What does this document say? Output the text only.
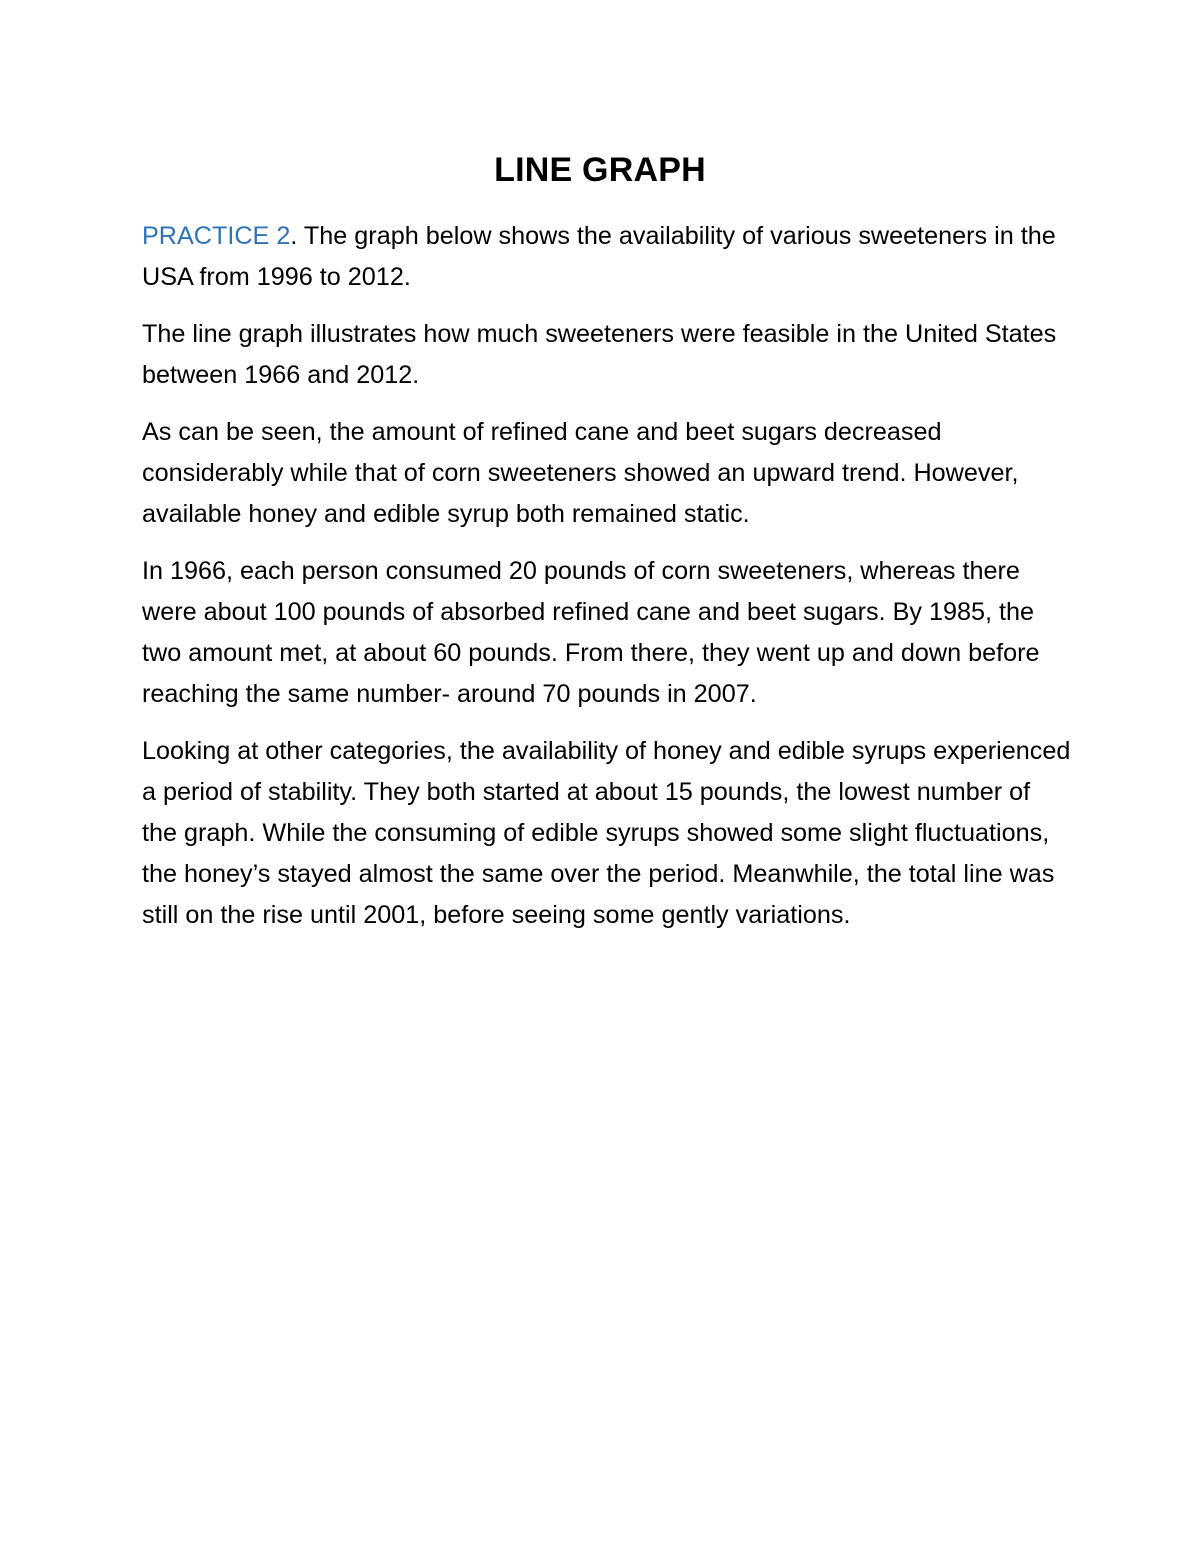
LINE GRAPH

PRACTICE 2. The graph below shows the availability of various sweeteners in the USA from 1996 to 2012.

The line graph illustrates how much sweeteners were feasible in the United States between 1966 and 2012.

As can be seen, the amount of refined cane and beet sugars decreased considerably while that of corn sweeteners showed an upward trend. However, available honey and edible syrup both remained static.

In 1966, each person consumed 20 pounds of corn sweeteners, whereas there were about 100 pounds of absorbed refined cane and beet sugars. By 1985, the two amount met, at about 60 pounds. From there, they went up and down before reaching the same number- around 70 pounds in 2007.

Looking at other categories, the availability of honey and edible syrups experienced a period of stability. They both started at about 15 pounds, the lowest number of the graph. While the consuming of edible syrups showed some slight fluctuations, the honey’s stayed almost the same over the period. Meanwhile, the total line was still on the rise until 2001, before seeing some gently variations.
